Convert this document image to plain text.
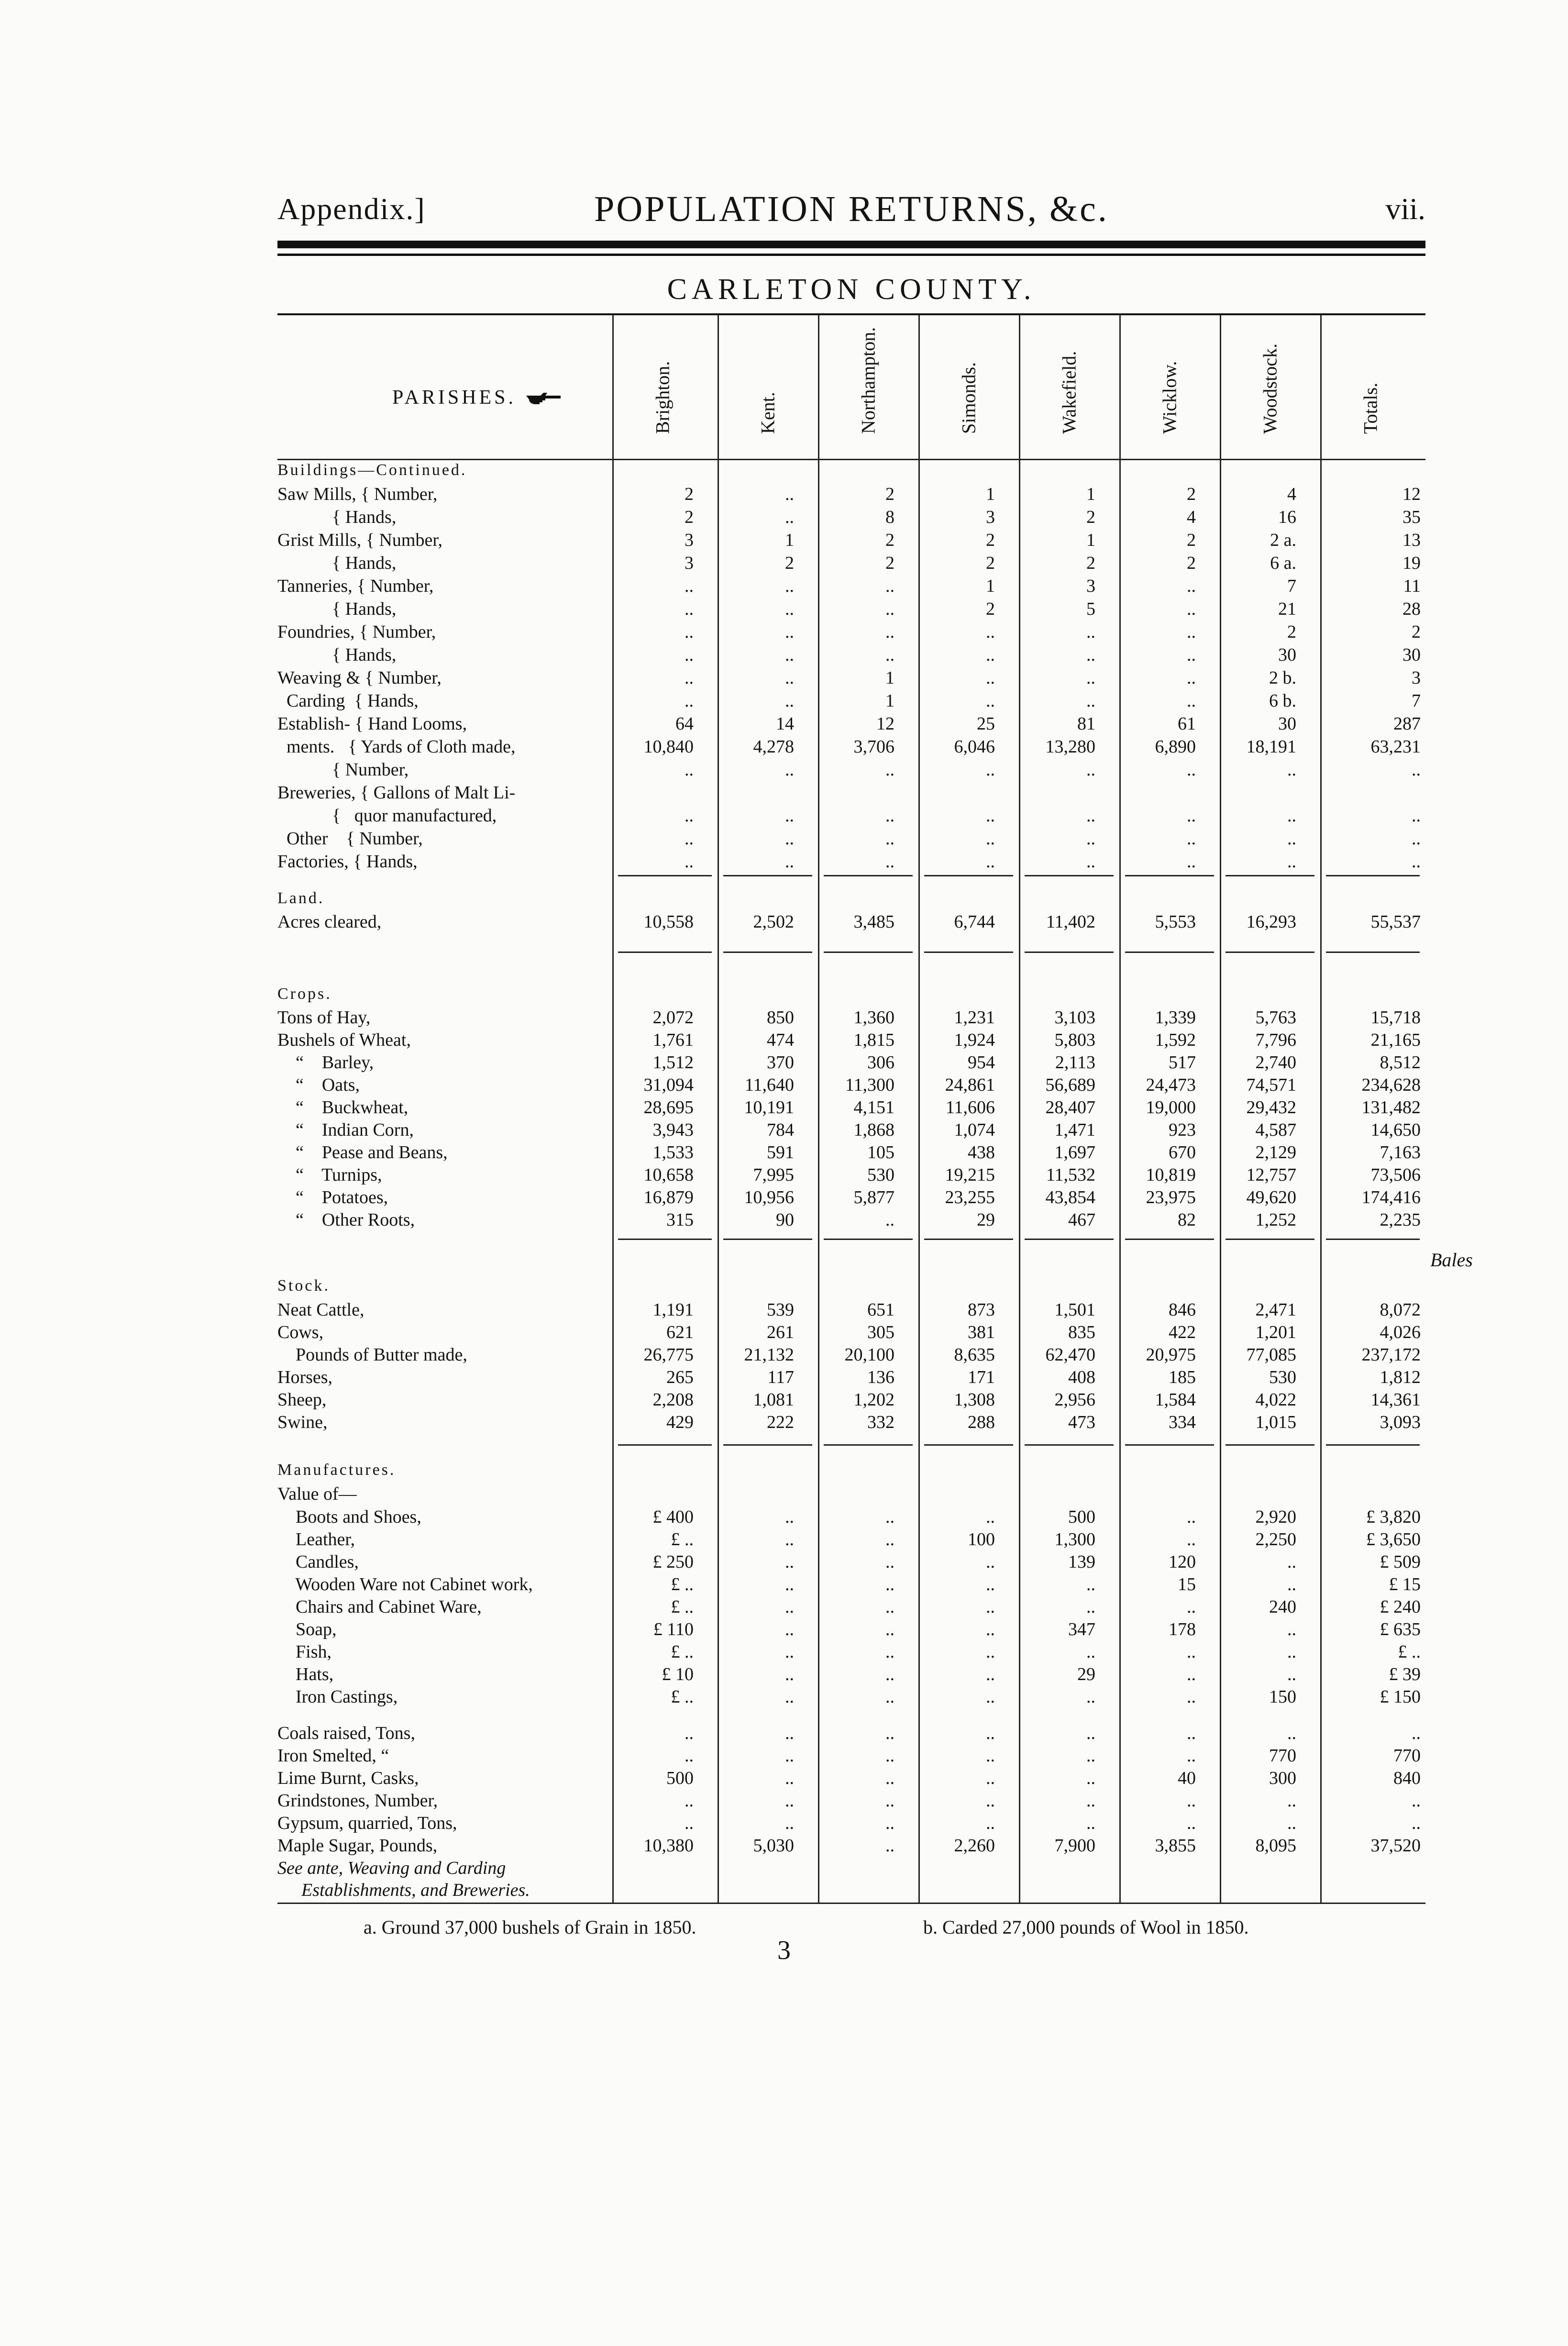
Appendix.]	POPULATION RETURNS, &c.	vii.
CARLETON COUNTY.
PARISHES.	Brighton.	Kent.	Northampton.	Simonds.	Wakefield.	Wicklow.	Woodstock.	Totals.
Buildings—Continued.
Saw Mills, { Number,	2	..	2	1	1	2	4	12
{ Hands,	2	..	8	3	2	4	16	35
Grist Mills, { Number,	3	1	2	2	1	2	2 a.	13
{ Hands,	3	2	2	2	2	2	6 a.	19
Tanneries, { Number,	..	..	..	1	3	..	7	11
{ Hands,	..	..	..	2	5	..	21	28
Foundries, { Number,	..	..	..	..	..	..	2	2
{ Hands,	..	..	..	..	..	..	30	30
Weaving & { Number,	..	..	1	..	..	..	2 b.	3
Carding  { Hands,	..	..	1	..	..	..	6 b.	7
Establish- { Hand Looms,	64	14	12	25	81	61	30	287
ments.   { Yards of Cloth made,	10,840	4,278	3,706	6,046	13,280	6,890	18,191	63,231
{ Number,	..	..	..	..	..	..	..	..
Breweries, { Gallons of Malt Li-
{   quor manufactured,	..	..	..	..	..	..	..	..
Other    { Number,	..	..	..	..	..	..	..	..
Factories, { Hands,	..	..	..	..	..	..	..	..
Land.
Acres cleared,	10,558	2,502	3,485	6,744	11,402	5,553	16,293	55,537
Crops.
Tons of Hay,	2,072	850	1,360	1,231	3,103	1,339	5,763	15,718
Bushels of Wheat,	1,761	474	1,815	1,924	5,803	1,592	7,796	21,165
“    Barley,	1,512	370	306	954	2,113	517	2,740	8,512
“    Oats,	31,094	11,640	11,300	24,861	56,689	24,473	74,571	234,628
“    Buckwheat,	28,695	10,191	4,151	11,606	28,407	19,000	29,432	131,482
“    Indian Corn,	3,943	784	1,868	1,074	1,471	923	4,587	14,650
“    Pease and Beans,	1,533	591	105	438	1,697	670	2,129	7,163
“    Turnips,	10,658	7,995	530	19,215	11,532	10,819	12,757	73,506
“    Potatoes,	16,879	10,956	5,877	23,255	43,854	23,975	49,620	174,416
“    Other Roots,	315	90	..	29	467	82	1,252	2,235
Stock.
Neat Cattle,	1,191	539	651	873	1,501	846	2,471	8,072
Cows,	621	261	305	381	835	422	1,201	4,026
Pounds of Butter made,	26,775	21,132	20,100	8,635	62,470	20,975	77,085	237,172
Horses,	265	117	136	171	408	185	530	1,812
Sheep,	2,208	1,081	1,202	1,308	2,956	1,584	4,022	14,361
Swine,	429	222	332	288	473	334	1,015	3,093
Manufactures.
Value of—
Boots and Shoes,	£ 400	..	..	..	500	..	2,920	£ 3,820
Leather,	£ ..	..	..	100	1,300	..	2,250	£ 3,650
Candles,	£ 250	..	..	..	139	120	..	£ 509
Wooden Ware not Cabinet work,	£ ..	..	..	..	..	15	..	£ 15
Chairs and Cabinet Ware,	£ ..	..	..	..	..	..	240	£ 240
Soap,	£ 110	..	..	..	347	178	..	£ 635
Fish,	£ ..	..	..	..	..	..	..	£ ..
Hats,	£ 10	..	..	..	29	..	..	£ 39
Iron Castings,	£ ..	..	..	..	..	..	150	£ 150
Coals raised, Tons,	..	..	..	..	..	..	..	..
Iron Smelted, “	..	..	..	..	..	..	770	770
Lime Burnt, Casks,	500	..	..	..	..	40	300	840
Grindstones, Number,	..	..	..	..	..	..	..	..
Gypsum, quarried, Tons,	..	..	..	..	..	..	..	..
Maple Sugar, Pounds,	10,380	5,030	..	2,260	7,900	3,855	8,095	37,520
See ante, Weaving and Carding
Establishments, and Breweries.
a. Ground 37,000 bushels of Grain in 1850.	b. Carded 27,000 pounds of Wool in 1850.
3
Bales
